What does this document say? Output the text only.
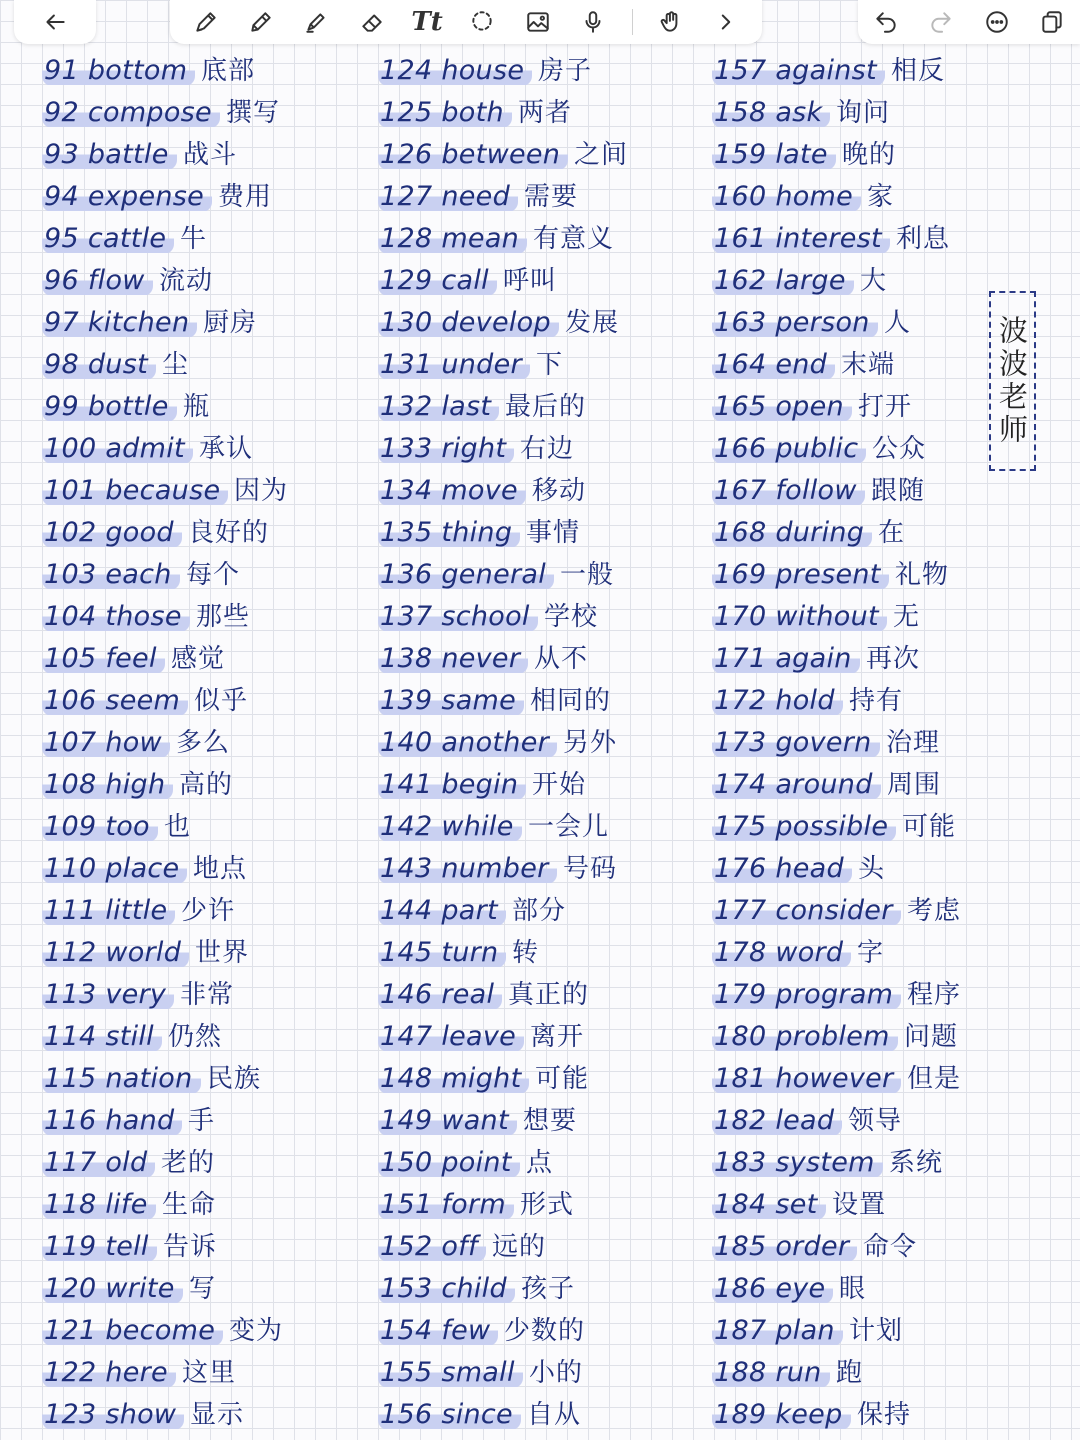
Tt
91 bottom 底部
92 compose 撰写
93 battle 战斗
94 expense 费用
95 cattle 牛
96 flow 流动
97 kitchen 厨房
98 dust 尘
99 bottle 瓶
100 admit 承认
101 because 因为
102 good 良好的
103 each 每个
104 those 那些
105 feel 感觉
106 seem 似乎
107 how 多么
108 high 高的
109 too 也
110 place 地点
111 little 少许
112 world 世界
113 very 非常
114 still 仍然
115 nation 民族
116 hand 手
117 old 老的
118 life 生命
119 tell 告诉
120 write 写
121 become 变为
122 here 这里
123 show 显示
124 house 房子
125 both 两者
126 between 之间
127 need 需要
128 mean 有意义
129 call 呼叫
130 develop 发展
131 under 下
132 last 最后的
133 right 右边
134 move 移动
135 thing 事情
136 general 一般
137 school 学校
138 never 从不
139 same 相同的
140 another 另外
141 begin 开始
142 while 一会儿
143 number 号码
144 part 部分
145 turn 转
146 real 真正的
147 leave 离开
148 might 可能
149 want 想要
150 point 点
151 form 形式
152 off 远的
153 child 孩子
154 few 少数的
155 small 小的
156 since 自从
157 against 相反
158 ask 询问
159 late 晚的
160 home 家
161 interest 利息
162 large 大
163 person 人
164 end 末端
165 open 打开
166 public 公众
167 follow 跟随
168 during 在
169 present 礼物
170 without 无
171 again 再次
172 hold 持有
173 govern 治理
174 around 周围
175 possible 可能
176 head 头
177 consider 考虑
178 word 字
179 program 程序
180 problem 问题
181 however 但是
182 lead 领导
183 system 系统
184 set 设置
185 order 命令
186 eye 眼
187 plan 计划
188 run 跑
189 keep 保持
波波老师
